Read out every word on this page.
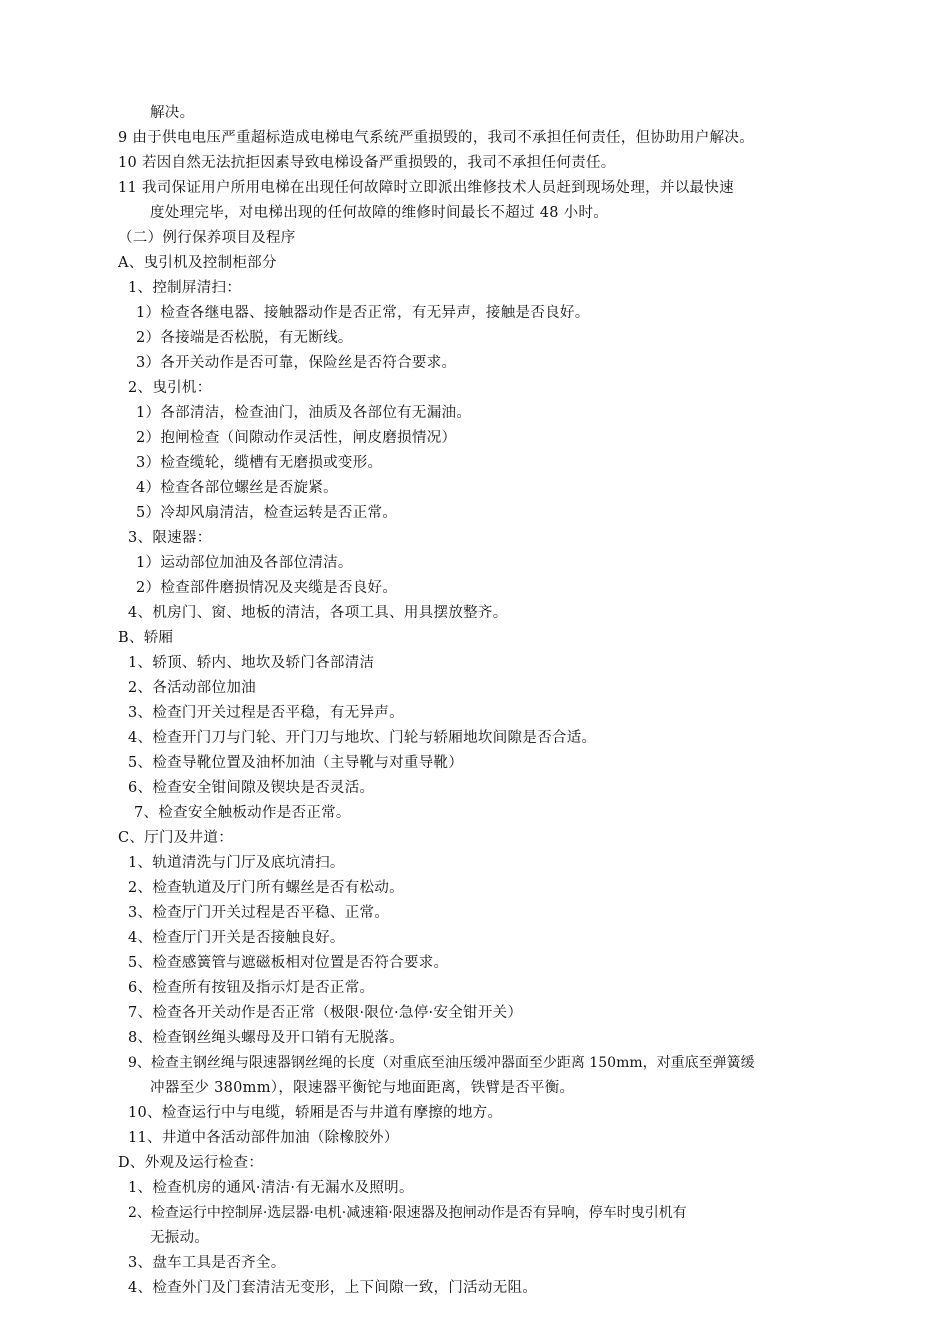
解决。
9 由于供电电压严重超标造成电梯电气系统严重损毁的，我司不承担任何责任，但协助用户解决。
10 若因自然无法抗拒因素导致电梯设备严重损毁的，我司不承担任何责任。
11 我司保证用户所用电梯在出现任何故障时立即派出维修技术人员赶到现场处理，并以最快速
度处理完毕，对电梯出现的任何故障的维修时间最长不超过 48 小时。
（二）例行保养项目及程序
A、曳引机及控制柜部分
1、控制屏清扫：
1）检查各继电器、接触器动作是否正常，有无异声，接触是否良好。
2）各接端是否松脱，有无断线。
3）各开关动作是否可靠，保险丝是否符合要求。
2、曳引机：
1）各部清洁，检查油门，油质及各部位有无漏油。
2）抱闸检查（间隙动作灵活性，闸皮磨损情况）
3）检查缆轮，缆槽有无磨损或变形。
4）检查各部位螺丝是否旋紧。
5）冷却风扇清洁，检查运转是否正常。
3、限速器：
1）运动部位加油及各部位清洁。
2）检查部件磨损情况及夹缆是否良好。
4、机房门、窗、地板的清洁，各项工具、用具摆放整齐。
B、轿厢
1、轿顶、轿内、地坎及轿门各部清洁
2、各活动部位加油
3、检查门开关过程是否平稳，有无异声。
4、检查开门刀与门轮、开门刀与地坎、门轮与轿厢地坎间隙是否合适。
5、检查导靴位置及油杯加油（主导靴与对重导靴）
6、检查安全钳间隙及锲块是否灵活。
7、检查安全触板动作是否正常。
C、厅门及井道：
1、轨道清洗与门厅及底坑清扫。
2、检查轨道及厅门所有螺丝是否有松动。
3、检查厅门开关过程是否平稳、正常。
4、检查厅门开关是否接触良好。
5、检查感簧管与遮磁板相对位置是否符合要求。
6、检查所有按钮及指示灯是否正常。
7、检查各开关动作是否正常（极限·限位·急停·安全钳开关）
8、检查钢丝绳头螺母及开口销有无脱落。
9、检查主钢丝绳与限速器钢丝绳的长度（对重底至油压缓冲器面至少距离 150mm，对重底至弹簧缓
冲器至少 380mm），限速器平衡铊与地面距离，铁臂是否平衡。
10、检查运行中与电缆，轿厢是否与井道有摩擦的地方。
11、井道中各活动部件加油（除橡胶外）
D、外观及运行检查：
1、检查机房的通风·清洁·有无漏水及照明。
2、检查运行中控制屏·选层器·电机·减速箱·限速器及抱闸动作是否有异响，停车时曳引机有
无振动。
3、盘车工具是否齐全。
4、检查外门及门套清洁无变形，上下间隙一致，门活动无阻。
